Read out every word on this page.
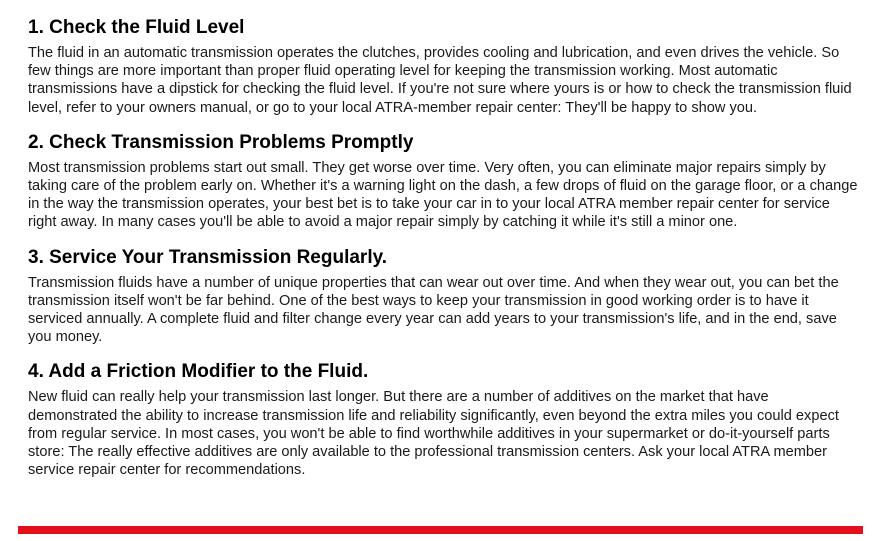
1. Check the Fluid Level

The fluid in an automatic transmission operates the clutches, provides cooling and lubrication, and even drives the vehicle. So few things are more important than proper fluid operating level for keeping the transmission working. Most automatic transmissions have a dipstick for checking the fluid level. If you're not sure where yours is or how to check the transmission fluid level, refer to your owners manual, or go to your local ATRA-member repair center: They'll be happy to show you.

2. Check Transmission Problems Promptly

Most transmission problems start out small. They get worse over time. Very often, you can eliminate major repairs simply by taking care of the problem early on. Whether it's a warning light on the dash, a few drops of fluid on the garage floor, or a change in the way the transmission operates, your best bet is to take your car in to your local ATRA member repair center for service right away. In many cases you'll be able to avoid a major repair simply by catching it while it's still a minor one.

3. Service Your Transmission Regularly.

Transmission fluids have a number of unique properties that can wear out over time. And when they wear out, you can bet the transmission itself won't be far behind. One of the best ways to keep your transmission in good working order is to have it serviced annually. A complete fluid and filter change every year can add years to your transmission's life, and in the end, save you money.

4. Add a Friction Modifier to the Fluid.

New fluid can really help your transmission last longer. But there are a number of additives on the market that have demonstrated the ability to increase transmission life and reliability significantly, even beyond the extra miles you could expect from regular service. In most cases, you won't be able to find worthwhile additives in your supermarket or do-it-yourself parts store: The really effective additives are only available to the professional transmission centers. Ask your local ATRA member service repair center for recommendations.
